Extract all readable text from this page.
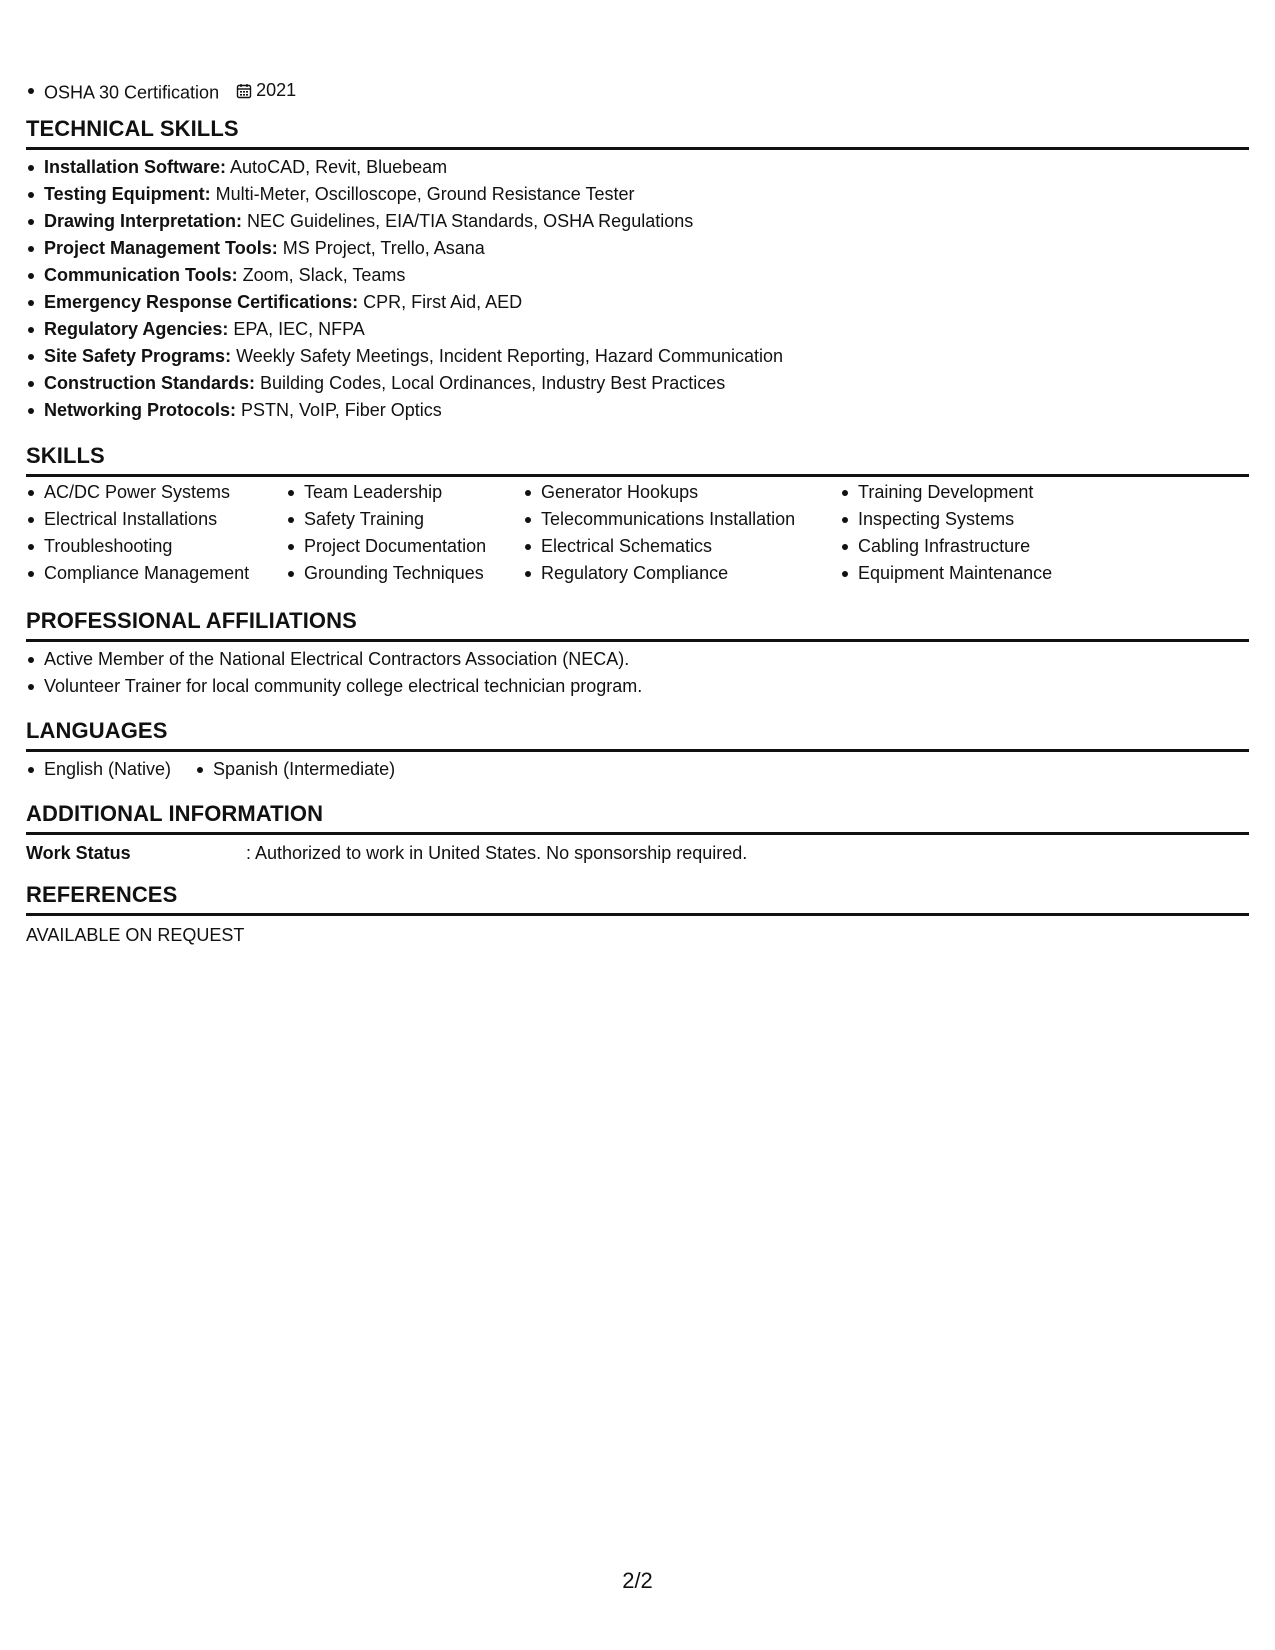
OSHA 30 Certification 2021
TECHNICAL SKILLS
Installation Software: AutoCAD, Revit, Bluebeam
Testing Equipment: Multi-Meter, Oscilloscope, Ground Resistance Tester
Drawing Interpretation: NEC Guidelines, EIA/TIA Standards, OSHA Regulations
Project Management Tools: MS Project, Trello, Asana
Communication Tools: Zoom, Slack, Teams
Emergency Response Certifications: CPR, First Aid, AED
Regulatory Agencies: EPA, IEC, NFPA
Site Safety Programs: Weekly Safety Meetings, Incident Reporting, Hazard Communication
Construction Standards: Building Codes, Local Ordinances, Industry Best Practices
Networking Protocols: PSTN, VoIP, Fiber Optics
SKILLS
AC/DC Power Systems
Electrical Installations
Troubleshooting
Compliance Management
Team Leadership
Safety Training
Project Documentation
Grounding Techniques
Generator Hookups
Telecommunications Installation
Electrical Schematics
Regulatory Compliance
Training Development
Inspecting Systems
Cabling Infrastructure
Equipment Maintenance
PROFESSIONAL AFFILIATIONS
Active Member of the National Electrical Contractors Association (NECA).
Volunteer Trainer for local community college electrical technician program.
LANGUAGES
English (Native)	Spanish (Intermediate)
ADDITIONAL INFORMATION
Work Status	: Authorized to work in United States. No sponsorship required.
REFERENCES
AVAILABLE ON REQUEST
2/2
